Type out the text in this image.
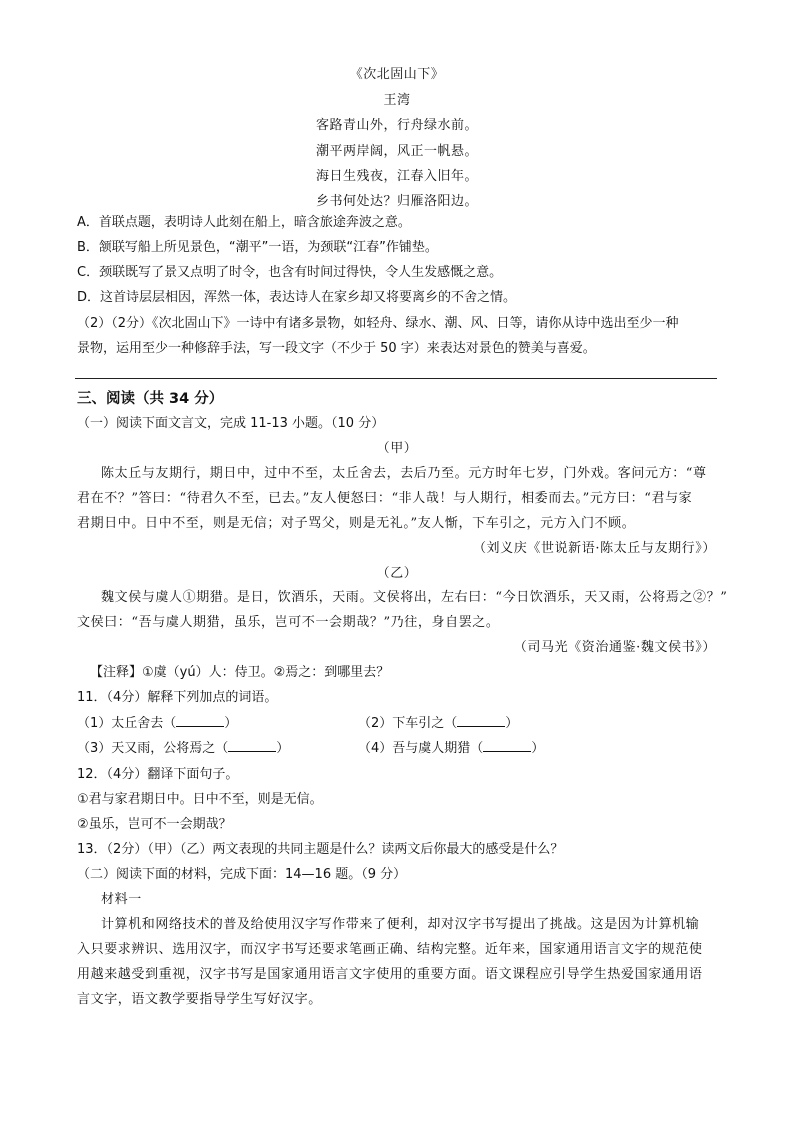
《次北固山下》
王湾
客路青山外，行舟绿水前。
潮平两岸阔，风正一帆悬。
海日生残夜，江春入旧年。
乡书何处达？归雁洛阳边。
A．首联点题，表明诗人此刻在船上，暗含旅途奔波之意。
B．颔联写船上所见景色，“潮平”一语，为颈联“江春”作铺垫。
C．颈联既写了景又点明了时令，也含有时间过得快，令人生发感慨之意。
D．这首诗层层相因，浑然一体，表达诗人在家乡却又将要离乡的不舍之情。
（2）（2分）《次北固山下》一诗中有诸多景物，如轻舟、绿水、潮、风、日等，请你从诗中选出至少一种
景物，运用至少一种修辞手法，写一段文字（不少于 50 字）来表达对景色的赞美与喜爱。
三、阅读（共 34 分）
（一）阅读下面文言文，完成 11-13 小题。（10 分）
（甲）
陈太丘与友期行，期日中，过中不至，太丘舍去，去后乃至。元方时年七岁，门外戏。客问元方：“尊
君在不？”答曰：“待君久不至，已去。”友人便怒曰：“非人哉！与人期行，相委而去。”元方曰：“君与家
君期日中。日中不至，则是无信；对子骂父，则是无礼。”友人惭，下车引之，元方入门不顾。
（刘义庆《世说新语·陈太丘与友期行》）
（乙）
魏文侯与虞人①期猎。是日，饮酒乐，天雨。文侯将出，左右曰：“今日饮酒乐，天又雨，公将焉之②？”
文侯曰：“吾与虞人期猎，虽乐，岂可不一会期哉？”乃往，身自罢之。
（司马光《资治通鉴·魏文侯书》）
【注释】①虞（yú）人：侍卫。②焉之：到哪里去？
11．（4分）解释下列加点的词语。
（1）太丘舍去（	）	（2）下车引之（	）
（3）天又雨，公将焉之（	）	（4）吾与虞人期猎（	）
12．（4分）翻译下面句子。
①君与家君期日中。日中不至，则是无信。
②虽乐，岂可不一会期哉？
13．（2分）（甲）（乙）两文表现的共同主题是什么？读两文后你最大的感受是什么？
（二）阅读下面的材料，完成下面：14—16 题。（9 分）
材料一
计算机和网络技术的普及给使用汉字写作带来了便利，却对汉字书写提出了挑战。这是因为计算机输
入只要求辨识、选用汉字，而汉字书写还要求笔画正确、结构完整。近年来，国家通用语言文字的规范使
用越来越受到重视，汉字书写是国家通用语言文字使用的重要方面。语文课程应引导学生热爱国家通用语
言文字，语文教学要指导学生写好汉字。
